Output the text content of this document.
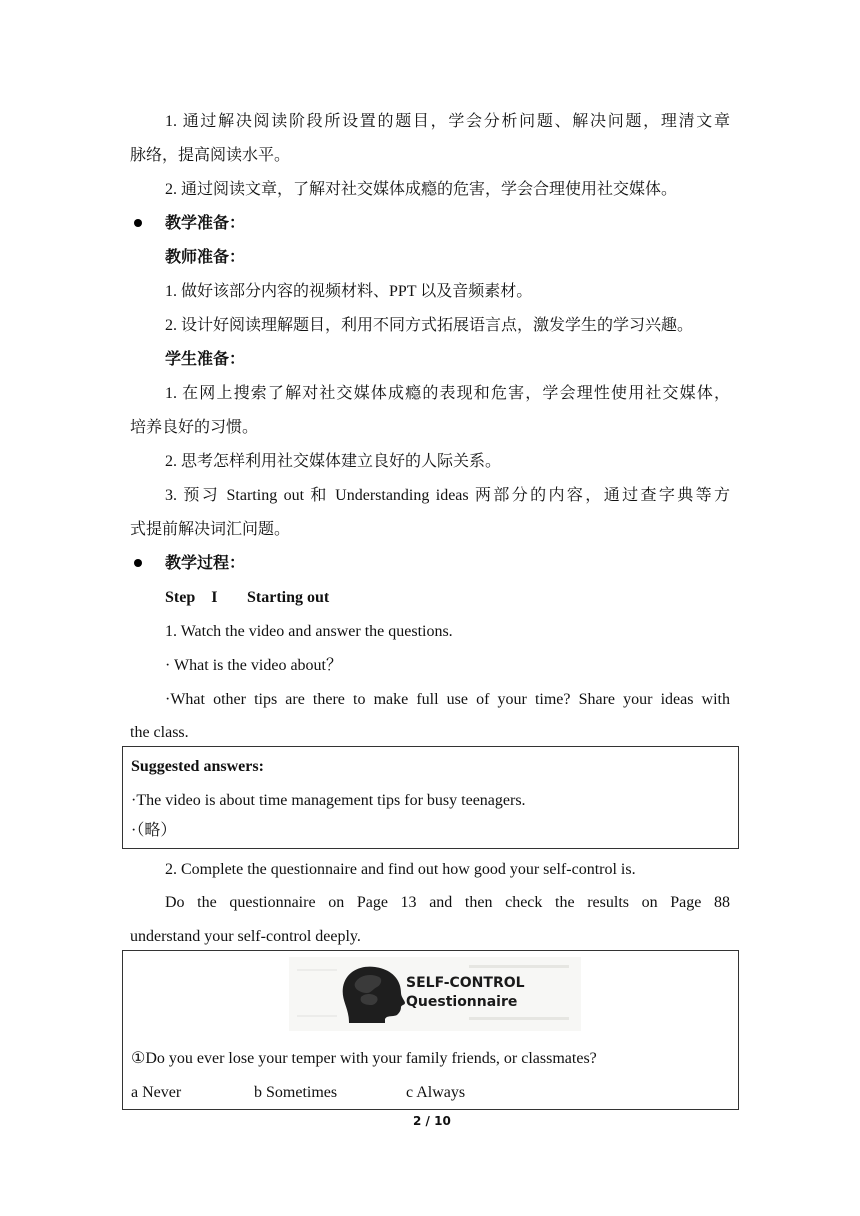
1. 通过解决阅读阶段所设置的题目，学会分析问题、解决问题，理清文章
脉络，提高阅读水平。
2. 通过阅读文章，了解对社交媒体成瘾的危害，学会合理使用社交媒体。
教学准备：
教师准备：
1. 做好该部分内容的视频材料、PPT 以及音频素材。
2. 设计好阅读理解题目，利用不同方式拓展语言点，激发学生的学习兴趣。
学生准备：
1. 在网上搜索了解对社交媒体成瘾的表现和危害，学会理性使用社交媒体，
培养良好的习惯。
2. 思考怎样利用社交媒体建立良好的人际关系。
3. 预习 Starting out 和 Understanding ideas 两部分的内容，通过查字典等方
式提前解决词汇问题。
教学过程：
Step　I Starting out
1. Watch the video and answer the questions.
· What is the video about？
·What other tips are there to make full use of your time? Share your ideas with
the class.
Suggested answers:
·The video is about time management tips for busy teenagers.
·（略）
2. Complete the questionnaire and find out how good your self-control is.
Do the questionnaire on Page 13 and then check the results on Page 88
understand your self-control deeply.
SELF-CONTROL
Questionnaire
①Do you ever lose your temper with your family friends, or classmates?
a Never	b Sometimes	c Always
2 / 10
